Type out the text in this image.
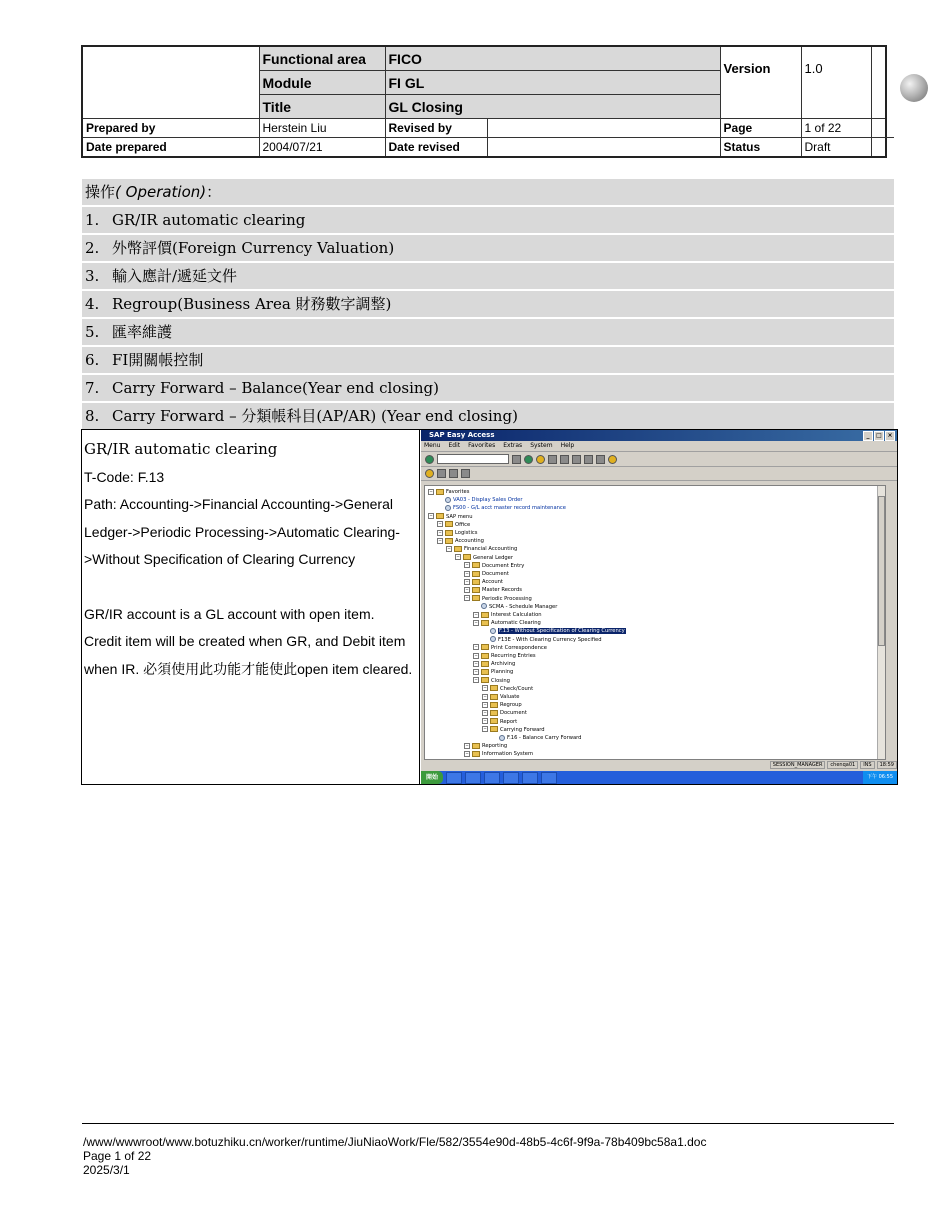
	Functional area	FICO		Version	1.0	
	Module	FI GL				
	Title	GL Closing				
Prepared by	Herstein Liu	Revised by		Page	1 of 22	
Date prepared	2004/07/21	Date revised		Status	Draft	
操作( Operation)：
1. GR/IR automatic clearing
2. 外幣評價(Foreign Currency Valuation)
3. 輸入應計/遞延文件
4. Regroup(Business Area 財務數字調整)
5. 匯率維護
6. FI開關帳控制
7. Carry Forward – Balance(Year end closing)
8. Carry Forward – 分類帳科目(AP/AR) (Year end closing)

GR/IR automatic clearing

T-Code: F.13

Path: Accounting->Financial Accounting->General Ledger->Periodic Processing->Automatic Clearing->Without Specification of Clearing Currency

GR/IR account is a GL account with open item. Credit item will be created when GR, and Debit item when IR. 必須使用此功能才能使此open item cleared.

SAP Easy Access	_	□ ×
Menu Edit Favorites Extras System Help
−	Favorites
VA03 - Display Sales Order
FS00 - G/L acct master record maintenance
−	SAP menu
−	Office
−	Logistics
−	Accounting
−	Financial Accounting
−	General Ledger
−	Document Entry
−	Document
−	Account
−	Master Records
−	Periodic Processing
SCMA - Schedule Manager
−	Interest Calculation
−	Automatic Clearing
F.13 - Without Specification of Clearing Currency
F13E - With Clearing Currency Specified
−	Print Correspondence
−	Recurring Entries
−	Archiving
−	Planning
−	Closing
−	Check/Count
−	Valuate
−	Regroup
−	Document
−	Report
−	Carrying Forward
F.16 - Balance Carry Forward
−	Reporting
−	Information System
SESSION_MANAGER chenqa01 INS 18:59
開始

	下午 06:55
/www/wwwroot/www.botuzhiku.cn/worker/runtime/JiuNiaoWork/Fle/582/3554e90d-48b5-4c6f-9f9a-78b409bc58a1.doc
Page 1 of 22
2025/3/1
